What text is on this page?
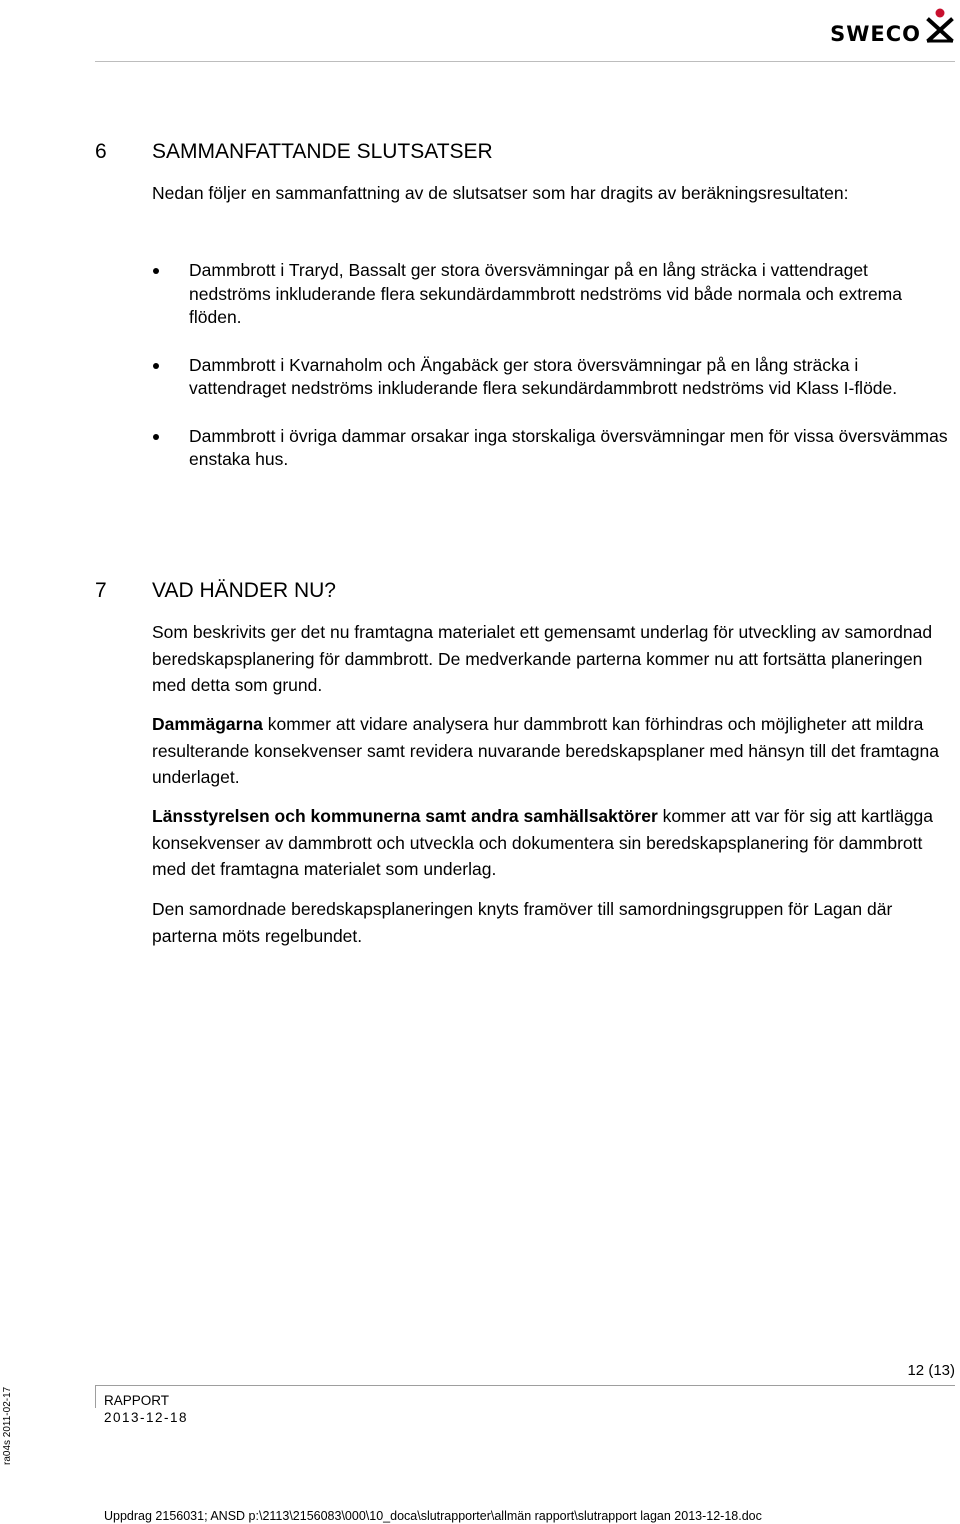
SWECO
6 SAMMANFATTANDE SLUTSATSER
Nedan följer en sammanfattning av de slutsatser som har dragits av beräkningsresultaten:
Dammbrott i Traryd, Bassalt ger stora översvämningar på en lång sträcka i vattendraget nedströms inkluderande flera sekundärdammbrott nedströms vid både normala och extrema flöden.
Dammbrott i Kvarnaholm och Ängabäck ger stora översvämningar på en lång sträcka i vattendraget nedströms inkluderande flera sekundärdammbrott nedströms vid Klass I-flöde.
Dammbrott i övriga dammar orsakar inga storskaliga översvämningar men för vissa översvämmas enstaka hus.
7 VAD HÄNDER NU?
Som beskrivits ger det nu framtagna materialet ett gemensamt underlag för utveckling av samordnad beredskapsplanering för dammbrott. De medverkande parterna kommer nu att fortsätta planeringen med detta som grund.
Dammägarna kommer att vidare analysera hur dammbrott kan förhindras och möjligheter att mildra resulterande konsekvenser samt revidera nuvarande beredskapsplaner med hänsyn till det framtagna underlaget.
Länsstyrelsen och kommunerna samt andra samhällsaktörer kommer att var för sig att kartlägga konsekvenser av dammbrott och utveckla och dokumentera sin beredskapsplanering för dammbrott med det framtagna materialet som underlag.
Den samordnade beredskapsplaneringen knyts framöver till samordningsgruppen för Lagan där parterna möts regelbundet.
12 (13)
RAPPORT
2013-12-18
ra04s 2011-02-17
Uppdrag 2156031; ANSD p:\2113\2156083\000\10_doca\slutrapporter\allmän rapport\slutrapport lagan 2013-12-18.doc
